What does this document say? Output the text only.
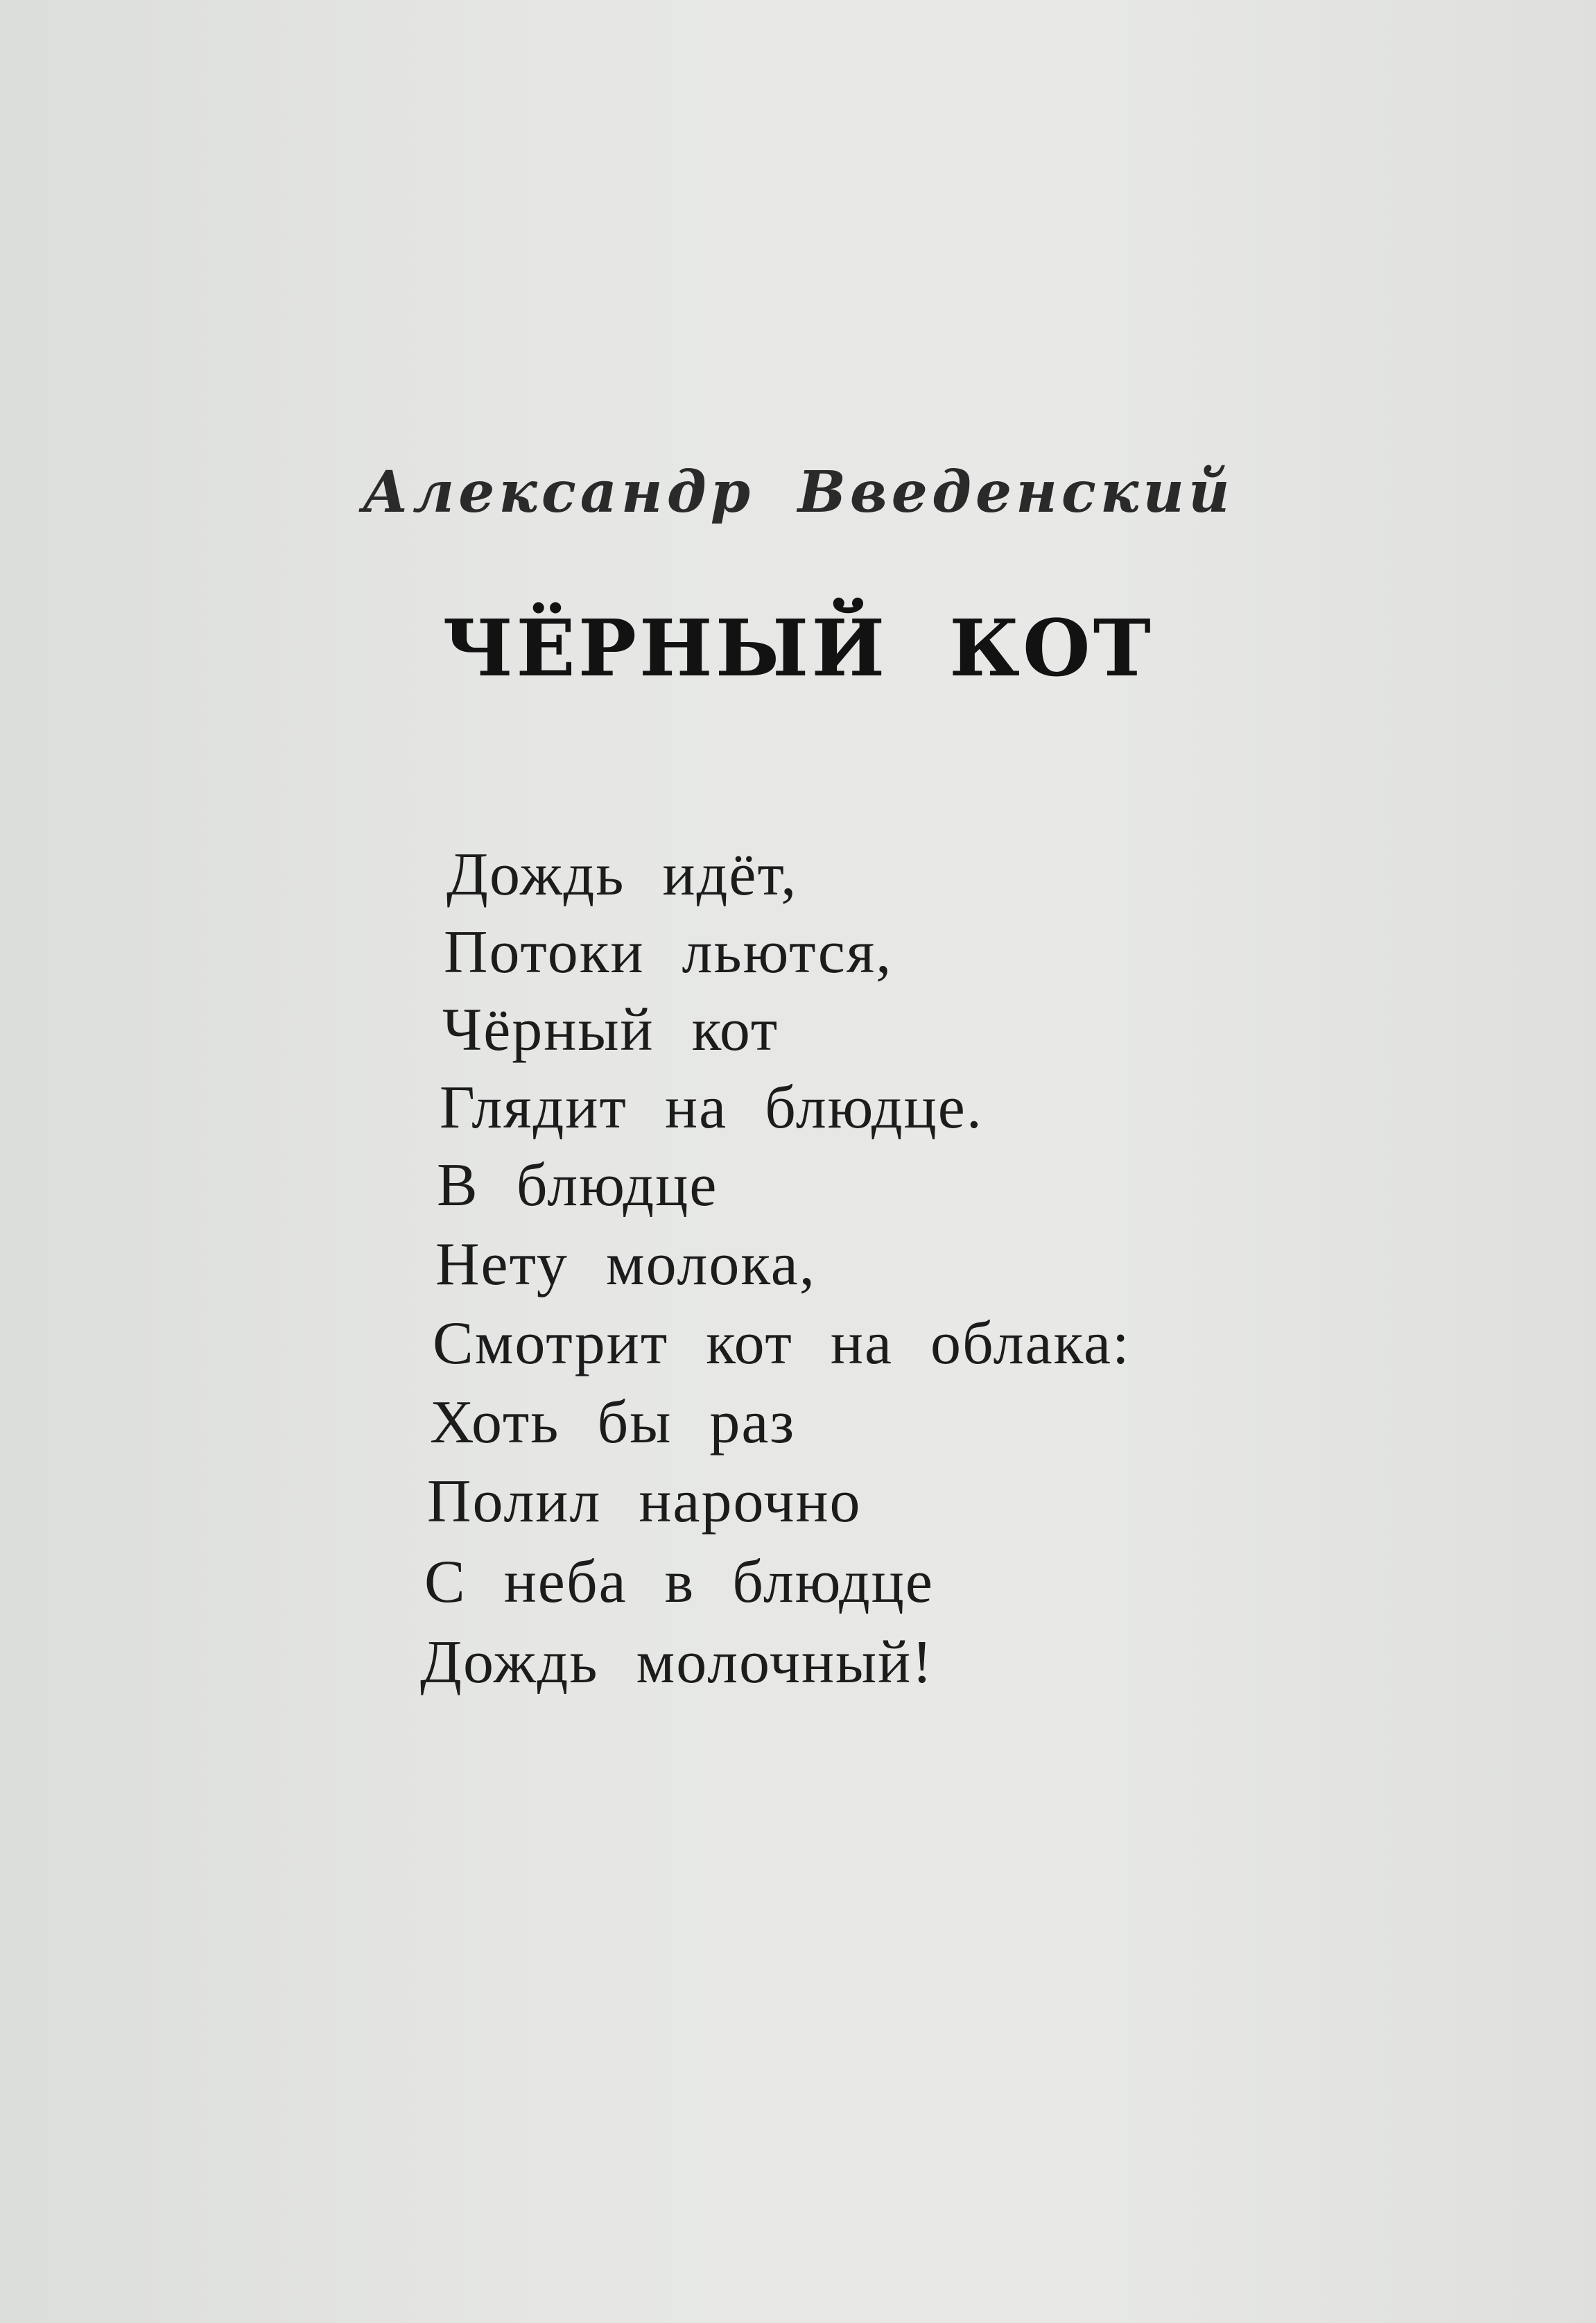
Александр Введенский
ЧЁРНЫЙ КОТ
Дождь идёт,
Потоки льются,
Чёрный кот
Глядит на блюдце.
В блюдце
Нету молока,
Смотрит кот на облака:
Хоть бы раз
Полил нарочно
С неба в блюдце
Дождь молочный!
